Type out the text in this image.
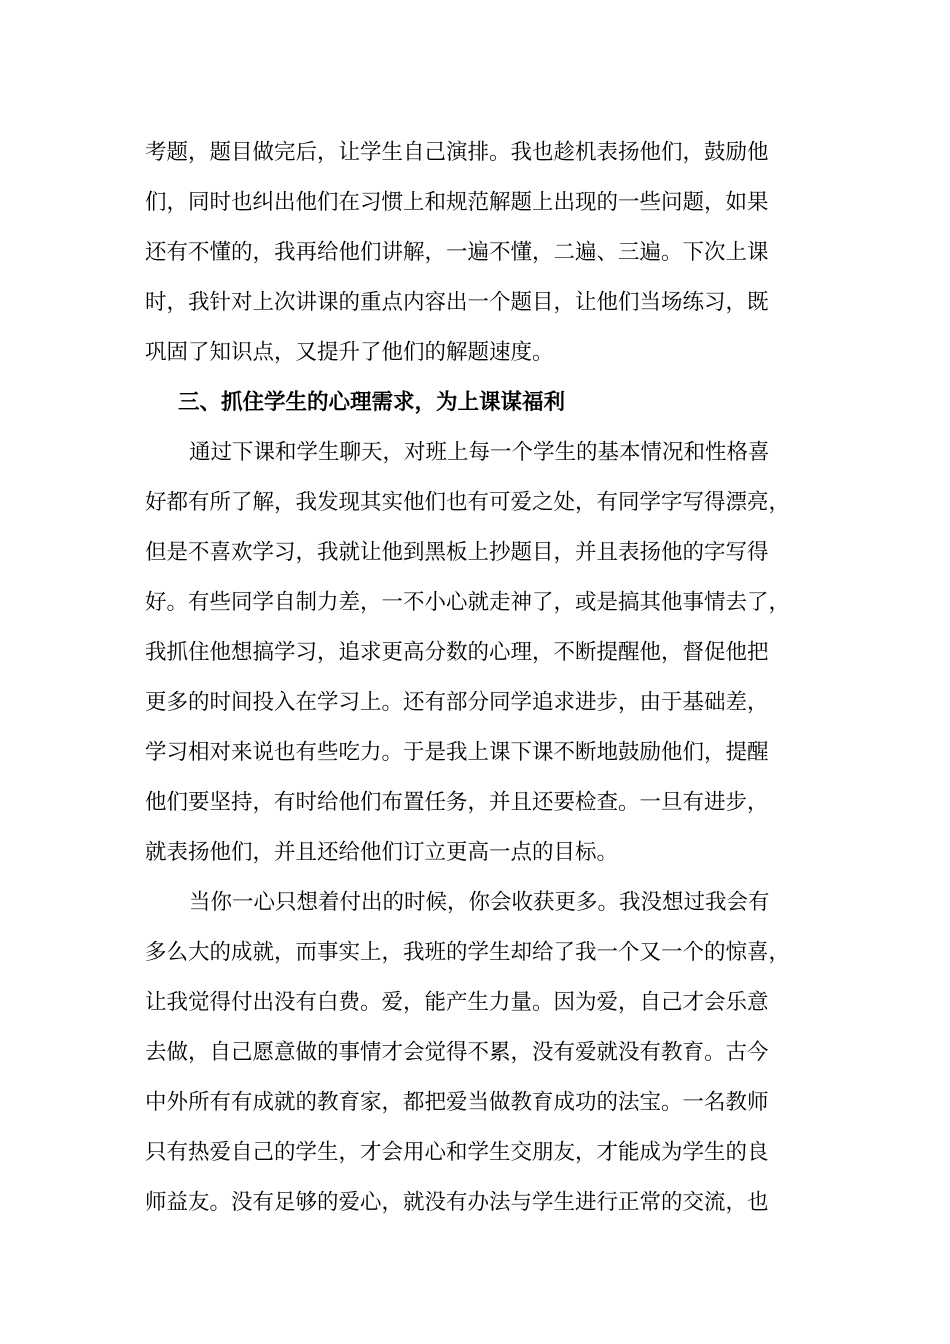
考题，题目做完后，让学生自己演排。我也趁机表扬他们，鼓励他
们，同时也纠出他们在习惯上和规范解题上出现的一些问题，如果
还有不懂的，我再给他们讲解，一遍不懂，二遍、三遍。下次上课
时，我针对上次讲课的重点内容出一个题目，让他们当场练习，既
巩固了知识点，又提升了他们的解题速度。
三、抓住学生的心理需求，为上课谋福利
通过下课和学生聊天，对班上每一个学生的基本情况和性格喜
好都有所了解，我发现其实他们也有可爱之处，有同学字写得漂亮，
但是不喜欢学习，我就让他到黑板上抄题目，并且表扬他的字写得
好。有些同学自制力差，一不小心就走神了，或是搞其他事情去了，
我抓住他想搞学习，追求更高分数的心理，不断提醒他，督促他把
更多的时间投入在学习上。还有部分同学追求进步，由于基础差，
学习相对来说也有些吃力。于是我上课下课不断地鼓励他们，提醒
他们要坚持，有时给他们布置任务，并且还要检查。一旦有进步，
就表扬他们，并且还给他们订立更高一点的目标。
当你一心只想着付出的时候，你会收获更多。我没想过我会有
多么大的成就，而事实上，我班的学生却给了我一个又一个的惊喜，
让我觉得付出没有白费。爱，能产生力量。因为爱，自己才会乐意
去做，自己愿意做的事情才会觉得不累，没有爱就没有教育。古今
中外所有有成就的教育家，都把爱当做教育成功的法宝。一名教师
只有热爱自己的学生，才会用心和学生交朋友，才能成为学生的良
师益友。没有足够的爱心，就没有办法与学生进行正常的交流，也
